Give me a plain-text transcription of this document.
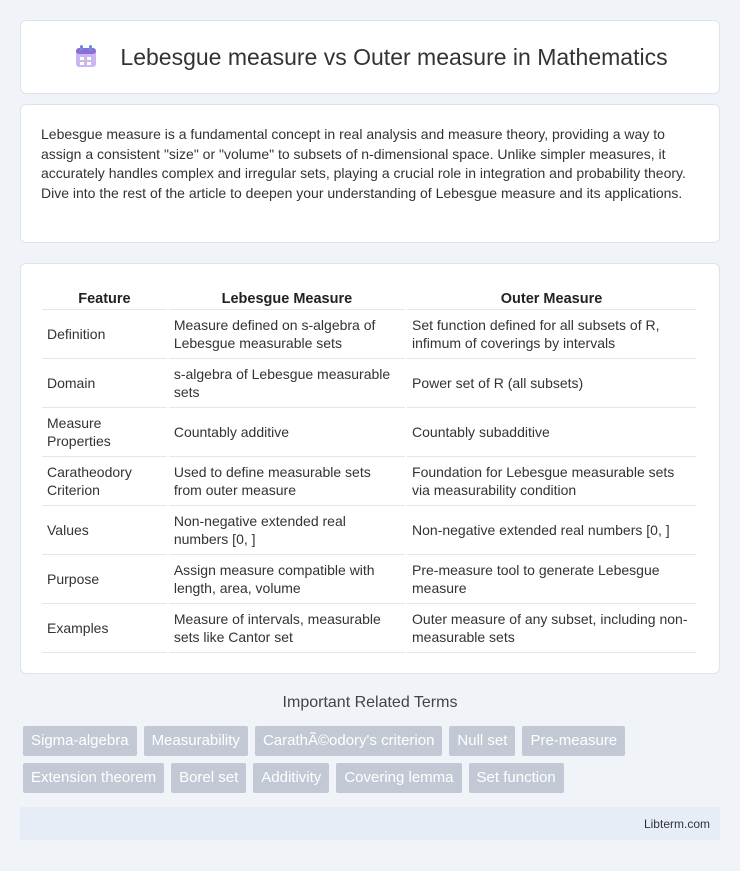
Lebesgue measure vs Outer measure in Mathematics

Lebesgue measure is a fundamental concept in real analysis and measure theory, providing a way to assign a consistent "size" or "volume" to subsets of n-dimensional space. Unlike simpler measures, it accurately handles complex and irregular sets, playing a crucial role in integration and probability theory. Dive into the rest of the article to deepen your understanding of Lebesgue measure and its applications.

Feature	Lebesgue Measure	Outer Measure
Definition	Measure defined on s-algebra of Lebesgue measurable sets	Set function defined for all subsets of R, infimum of coverings by intervals
Domain	s-algebra of Lebesgue measurable sets	Power set of R (all subsets)
Measure Properties	Countably additive	Countably subadditive
Caratheodory Criterion	Used to define measurable sets from outer measure	Foundation for Lebesgue measurable sets via measurability condition
Values	Non-negative extended real numbers [0, ]	Non-negative extended real numbers [0, ]
Purpose	Assign measure compatible with length, area, volume	Pre-measure tool to generate Lebesgue measure
Examples	Measure of intervals, measurable sets like Cantor set	Outer measure of any subset, including non-measurable sets
Important Related Terms
Sigma-algebra	Measurability	CarathÃ©odory's criterion	Null set	Pre-measure
Extension theorem	Borel set	Additivity	Covering lemma	Set function
Libterm.com
